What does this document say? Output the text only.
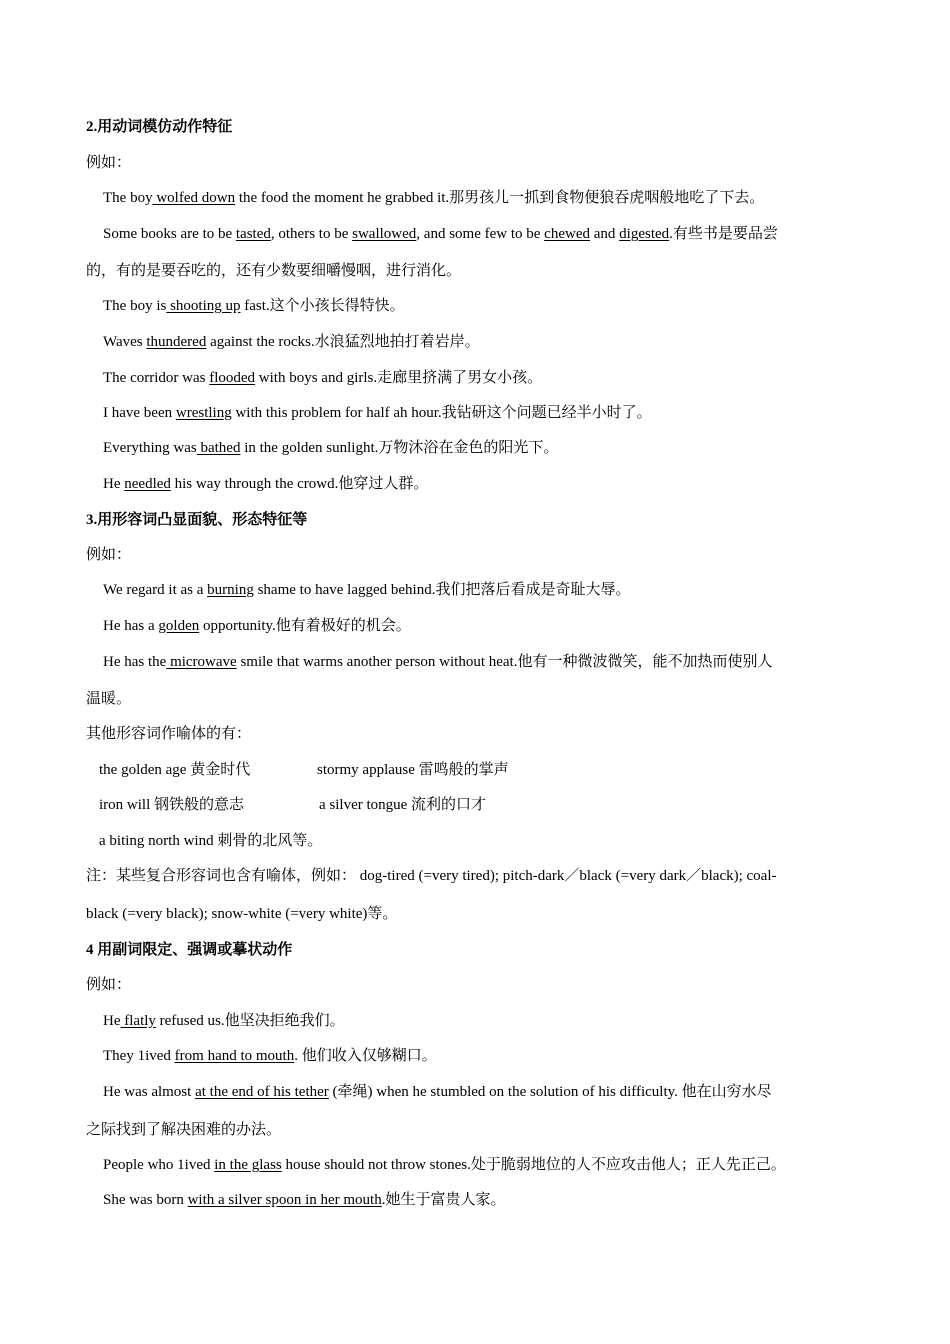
2.用动词模仿动作特征
例如：
The boy wolfed down the food the moment he grabbed it.那男孩儿一抓到食物便狼吞虎咽般地吃了下去。
Some books are to be tasted, others to be swallowed, and some few to be chewed and digested.有些书是要品尝
的，有的是要吞吃的，还有少数要细嚼慢咽，进行消化。
The boy is shooting up fast.这个小孩长得特快。
Waves thundered against the rocks.水浪猛烈地拍打着岩岸。
The corridor was flooded with boys and girls.走廊里挤满了男女小孩。
I have been wrestling with this problem for half ah hour.我钻研这个问题已经半小时了。
Everything was bathed in the golden sunlight.万物沐浴在金色的阳光下。
He needled his way through the crowd.他穿过人群。
3.用形容词凸显面貌、形态特征等
例如：
We regard it as a burning shame to have lagged behind.我们把落后看成是奇耻大辱。
He has a golden opportunity.他有着极好的机会。
He has the microwave smile that warms another person without heat.他有一种微波微笑，能不加热而使别人
温暖。
其他形容词作喻体的有：
the golden age 黄金时代	stormy applause 雷鸣般的掌声
iron will 钢铁般的意志	a silver tongue 流利的口才
a biting north wind 刺骨的北风等。
注：某些复合形容词也含有喻体，例如： dog-tired (=very tired); pitch-dark／black (=very dark／black); coal-
black (=very black); snow-white (=very white)等。
4 用副词限定、强调或摹状动作
例如：
He flatly refused us.他坚决拒绝我们。
They 1ived from hand to mouth. 他们收入仅够糊口。
He was almost at the end of his tether (牵绳) when he stumbled on the solution of his difficulty. 他在山穷水尽
之际找到了解决困难的办法。
People who 1ived in the glass house should not throw stones.处于脆弱地位的人不应攻击他人；正人先正己。
She was born with a silver spoon in her mouth.她生于富贵人家。
